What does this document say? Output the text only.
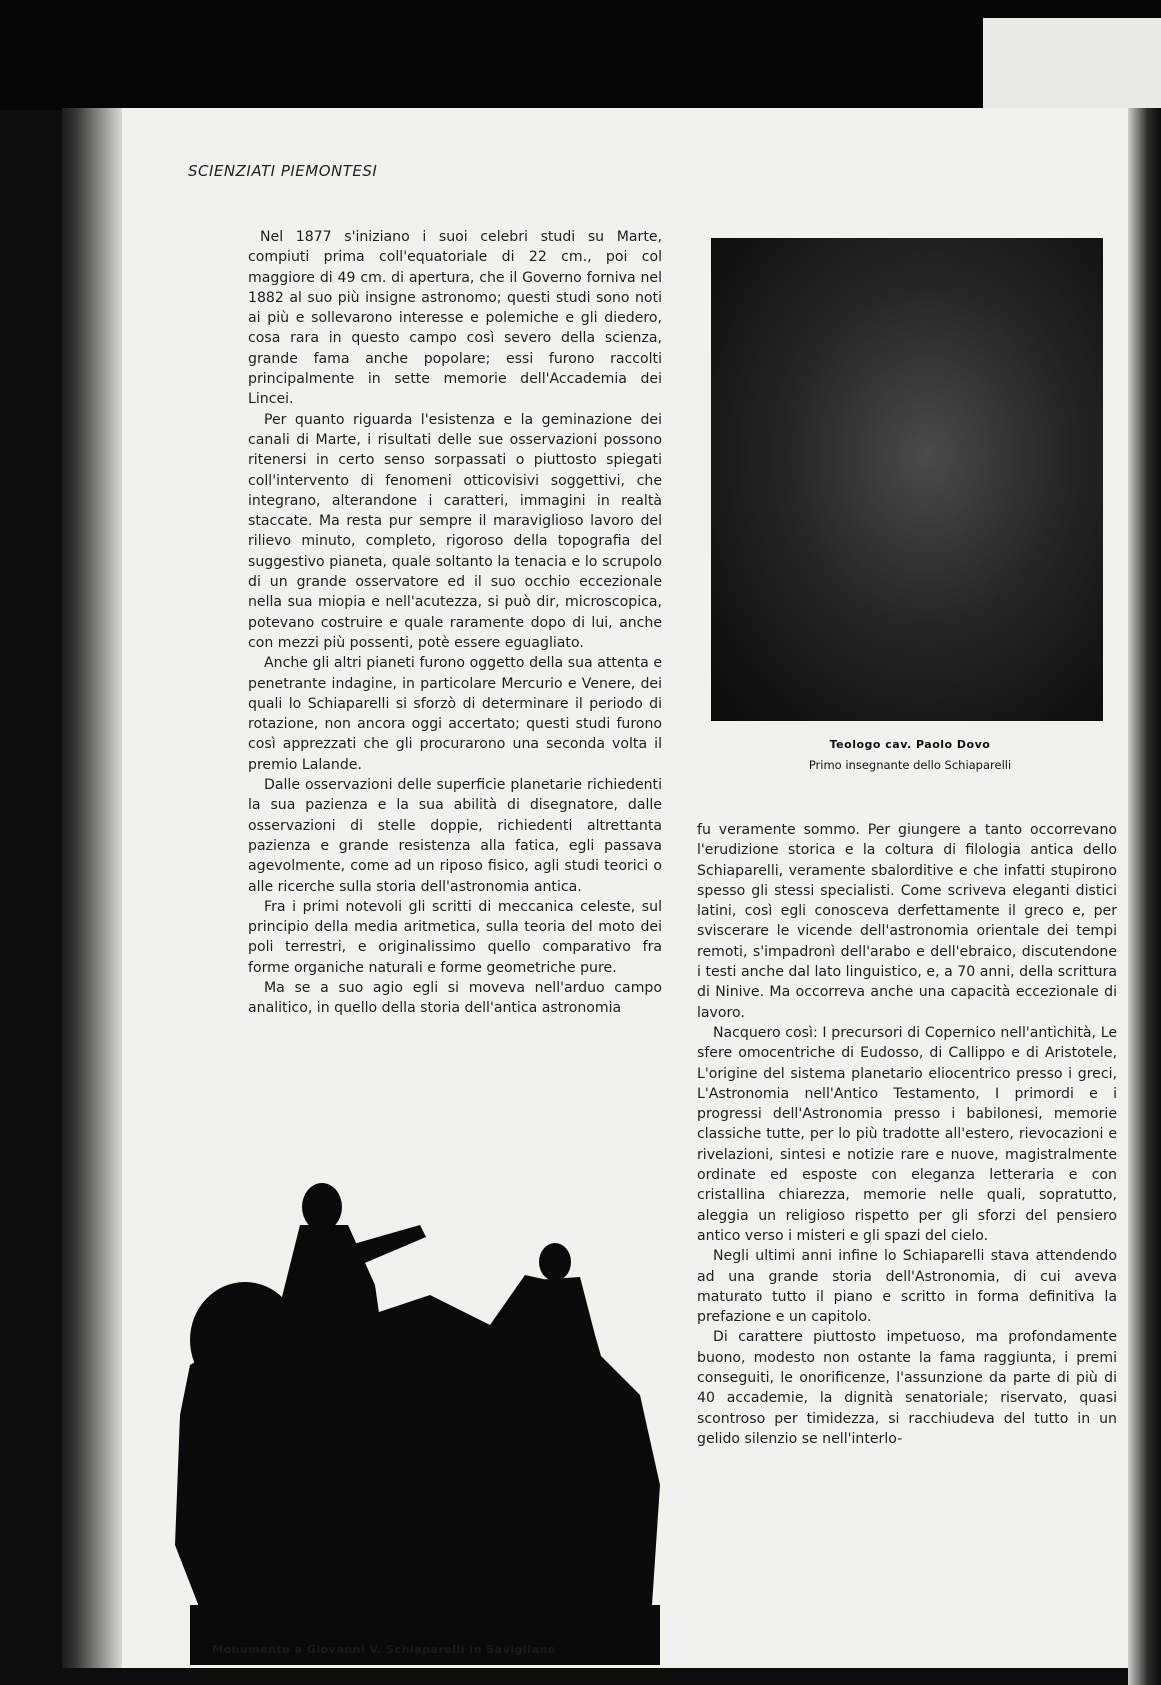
SCIENZIATI PIEMONTESI

Nel 1877 s'iniziano i suoi celebri studi su Marte, compiuti prima coll'equatoriale di 22 cm., poi col maggiore di 49 cm. di apertura, che il Governo forniva nel 1882 al suo più insigne astronomo; questi studi sono noti ai più e sollevarono interesse e polemiche e gli diedero, cosa rara in questo campo così severo della scienza, grande fama anche popolare; essi furono raccolti principalmente in sette memorie dell'Accademia dei Lincei.

Per quanto riguarda l'esistenza e la geminazione dei canali di Marte, i risultati delle sue osservazioni possono ritenersi in certo senso sorpassati o piuttosto spiegati coll'intervento di fenomeni otticovisivi soggettivi, che integrano, alterandone i caratteri, immagini in realtà staccate. Ma resta pur sempre il maraviglioso lavoro del rilievo minuto, completo, rigoroso della topografia del suggestivo pianeta, quale soltanto la tenacia e lo scrupolo di un grande osservatore ed il suo occhio eccezionale nella sua miopia e nell'acutezza, si può dir, microscopica, potevano costruire e quale raramente dopo di lui, anche con mezzi più possenti, potè essere eguagliato.

Anche gli altri pianeti furono oggetto della sua attenta e penetrante indagine, in particolare Mercurio e Venere, dei quali lo Schiaparelli si sforzò di determinare il periodo di rotazione, non ancora oggi accertato; questi studi furono così apprezzati che gli procurarono una seconda volta il premio Lalande.

Dalle osservazioni delle superficie planetarie richiedenti la sua pazienza e la sua abilità di disegnatore, dalle osservazioni di stelle doppie, richiedenti altrettanta pazienza e grande resistenza alla fatica, egli passava agevolmente, come ad un riposo fisico, agli studi teorici o alle ricerche sulla storia dell'astronomia antica.

Fra i primi notevoli gli scritti di meccanica celeste, sul principio della media aritmetica, sulla teoria del moto dei poli terrestri, e originalissimo quello comparativo fra forme organiche naturali e forme geometriche pure.

Ma se a suo agio egli si moveva nell'arduo campo analitico, in quello della storia dell'antica astronomia

Teologo cav. Paolo Dovo
Primo insegnante dello Schiaparelli

fu veramente sommo. Per giungere a tanto occorrevano l'erudizione storica e la coltura di filologia antica dello Schiaparelli, veramente sbalorditive e che infatti stupirono spesso gli stessi specialisti. Come scriveva eleganti distici latini, così egli conosceva derfettamente il greco e, per sviscerare le vicende dell'astronomia orientale dei tempi remoti, s'impadronì dell'arabo e dell'ebraico, discutendone i testi anche dal lato linguistico, e, a 70 anni, della scrittura di Ninive. Ma occorreva anche una capacità eccezionale di lavoro.

Nacquero così: I precursori di Copernico nell'antichità, Le sfere omocentriche di Eudosso, di Callippo e di Aristotele, L'origine del sistema planetario eliocentrico presso i greci, L'Astronomia nell'Antico Testamento, I primordi e i progressi dell'Astronomia presso i babilonesi, memorie classiche tutte, per lo più tradotte all'estero, rievocazioni e rivelazioni, sintesi e notizie rare e nuove, magistralmente ordinate ed esposte con eleganza letteraria e con cristallina chiarezza, memorie nelle quali, sopratutto, aleggia un religioso rispetto per gli sforzi del pensiero antico verso i misteri e gli spazi del cielo.

Negli ultimi anni infine lo Schiaparelli stava attendendo ad una grande storia dell'Astronomia, di cui aveva maturato tutto il piano e scritto in forma definitiva la prefazione e un capitolo.

Di carattere piuttosto impetuoso, ma profondamente buono, modesto non ostante la fama raggiunta, i premi conseguiti, le onorificenze, l'assunzione da parte di più di 40 accademie, la dignità senatoriale; riservato, quasi scontroso per timidezza, si racchiudeva del tutto in un gelido silenzio se nell'interlo-

Monumento a Giovanni V. Schiaparelli in Savigliano
